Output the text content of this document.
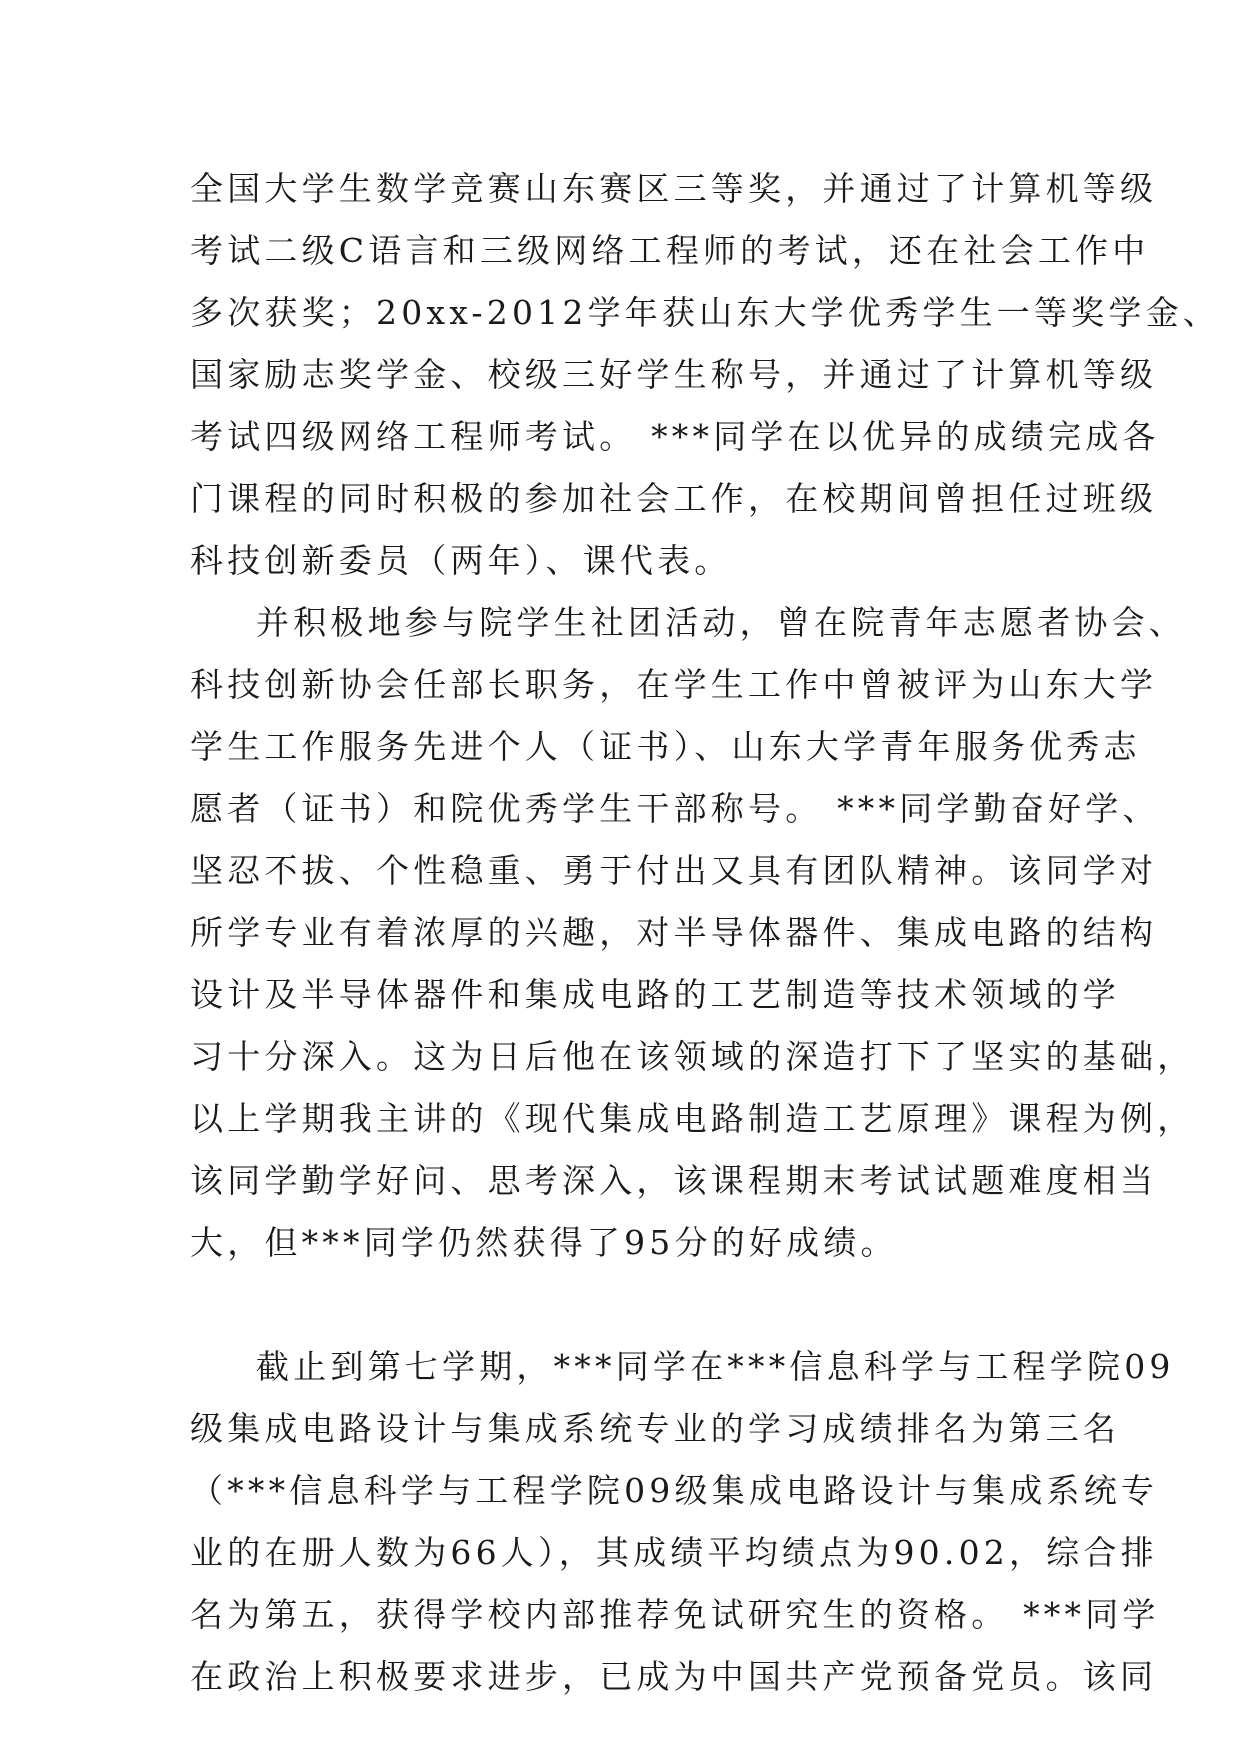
全国大学生数学竞赛山东赛区三等奖，并通过了计算机等级
考试二级C语言和三级网络工程师的考试，还在社会工作中
多次获奖；20xx-2012学年获山东大学优秀学生一等奖学金、
国家励志奖学金、校级三好学生称号，并通过了计算机等级
考试四级网络工程师考试。 ***同学在以优异的成绩完成各
门课程的同时积极的参加社会工作，在校期间曾担任过班级
科技创新委员（两年）、课代表。

并积极地参与院学生社团活动，曾在院青年志愿者协会、
科技创新协会任部长职务，在学生工作中曾被评为山东大学
学生工作服务先进个人（证书）、山东大学青年服务优秀志
愿者（证书）和院优秀学生干部称号。 ***同学勤奋好学、
坚忍不拔、个性稳重、勇于付出又具有团队精神。该同学对
所学专业有着浓厚的兴趣，对半导体器件、集成电路的结构
设计及半导体器件和集成电路的工艺制造等技术领域的学
习十分深入。这为日后他在该领域的深造打下了坚实的基础，
以上学期我主讲的《现代集成电路制造工艺原理》课程为例，
该同学勤学好问、思考深入，该课程期末考试试题难度相当
大，但***同学仍然获得了95分的好成绩。

截止到第七学期，***同学在***信息科学与工程学院09
级集成电路设计与集成系统专业的学习成绩排名为第三名
（***信息科学与工程学院09级集成电路设计与集成系统专
业的在册人数为66人），其成绩平均绩点为90.02，综合排
名为第五，获得学校内部推荐免试研究生的资格。 ***同学
在政治上积极要求进步，已成为中国共产党预备党员。该同
